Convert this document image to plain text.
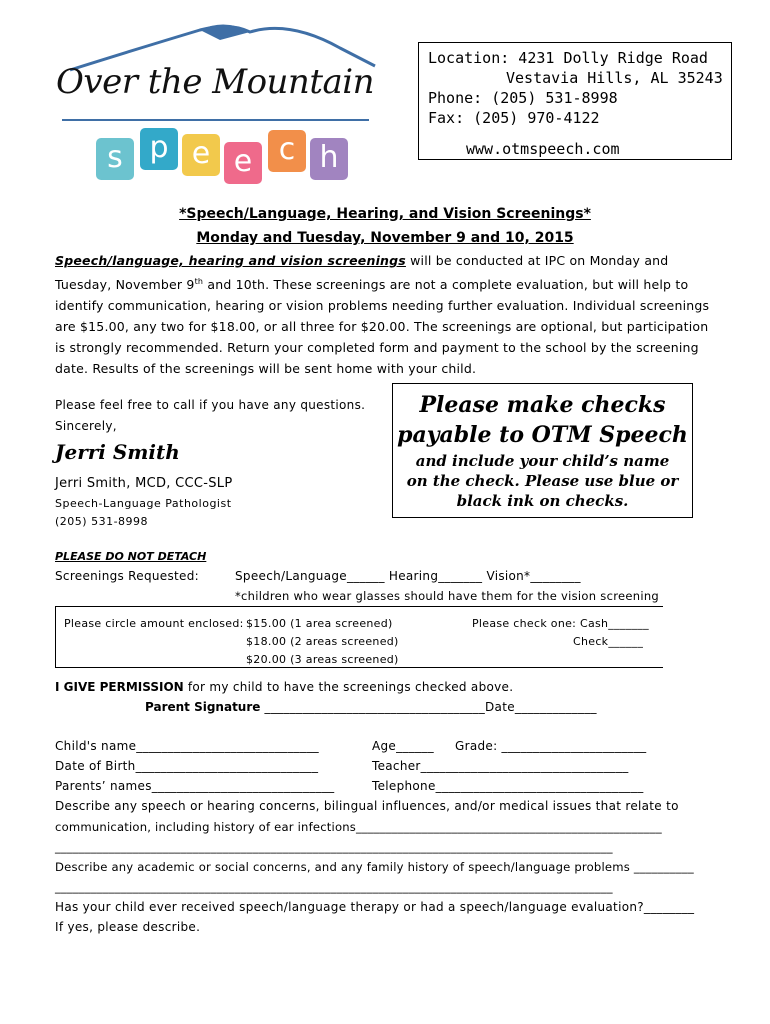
Over the Mountain
s p e e c h
Location: 4231 Dolly Ridge Road
Vestavia Hills, AL 35243
Phone: (205) 531-8998
Fax: (205) 970-4122
www.otmspeech.com
*Speech/Language, Hearing, and Vision Screenings*
Monday and Tuesday, November 9 and 10, 2015
Speech/language, hearing and vision screenings will be conducted at IPC on Monday and Tuesday, November 9th and 10th. These screenings are not a complete evaluation, but will help to identify communication, hearing or vision problems needing further evaluation. Individual screenings are $15.00, any two for $18.00, or all three for $20.00. The screenings are optional, but participation is strongly recommended. Return your completed form and payment to the school by the screening date. Results of the screenings will be sent home with your child.
Please feel free to call if you have any questions.
Sincerely,
Jerri Smith
Jerri Smith, MCD, CCC-SLP
Speech-Language Pathologist
(205) 531-8998
Please make checks
payable to OTM Speech
and include your child’s name
on the check. Please use blue or
black ink on checks.
PLEASE DO NOT DETACH
Screenings Requested:	Speech/Language______ Hearing_______ Vision*________
*children who wear glasses should have them for the vision screening
Please circle amount enclosed: $15.00 (1 area screened)
$18.00 (2 areas screened)
$20.00 (3 areas screened)
Please check one: Cash_______
Check______
I GIVE PERMISSION for my child to have the screenings checked above.
Parent Signature ___________________________________Date_____________
Child's name_____________________________	Age______ Grade: _______________________
Date of Birth_____________________________	Teacher_________________________________
Parents’ names_____________________________	Telephone_________________________________
Describe any speech or hearing concerns, bilingual influences, and/or medical issues that relate to
communication, including history of ear infections___________________________________________________
_____________________________________________________________________________________________
Describe any academic or social concerns, and any family history of speech/language problems __________
_____________________________________________________________________________________________
Has your child ever received speech/language therapy or had a speech/language evaluation?________
If yes, please describe.
